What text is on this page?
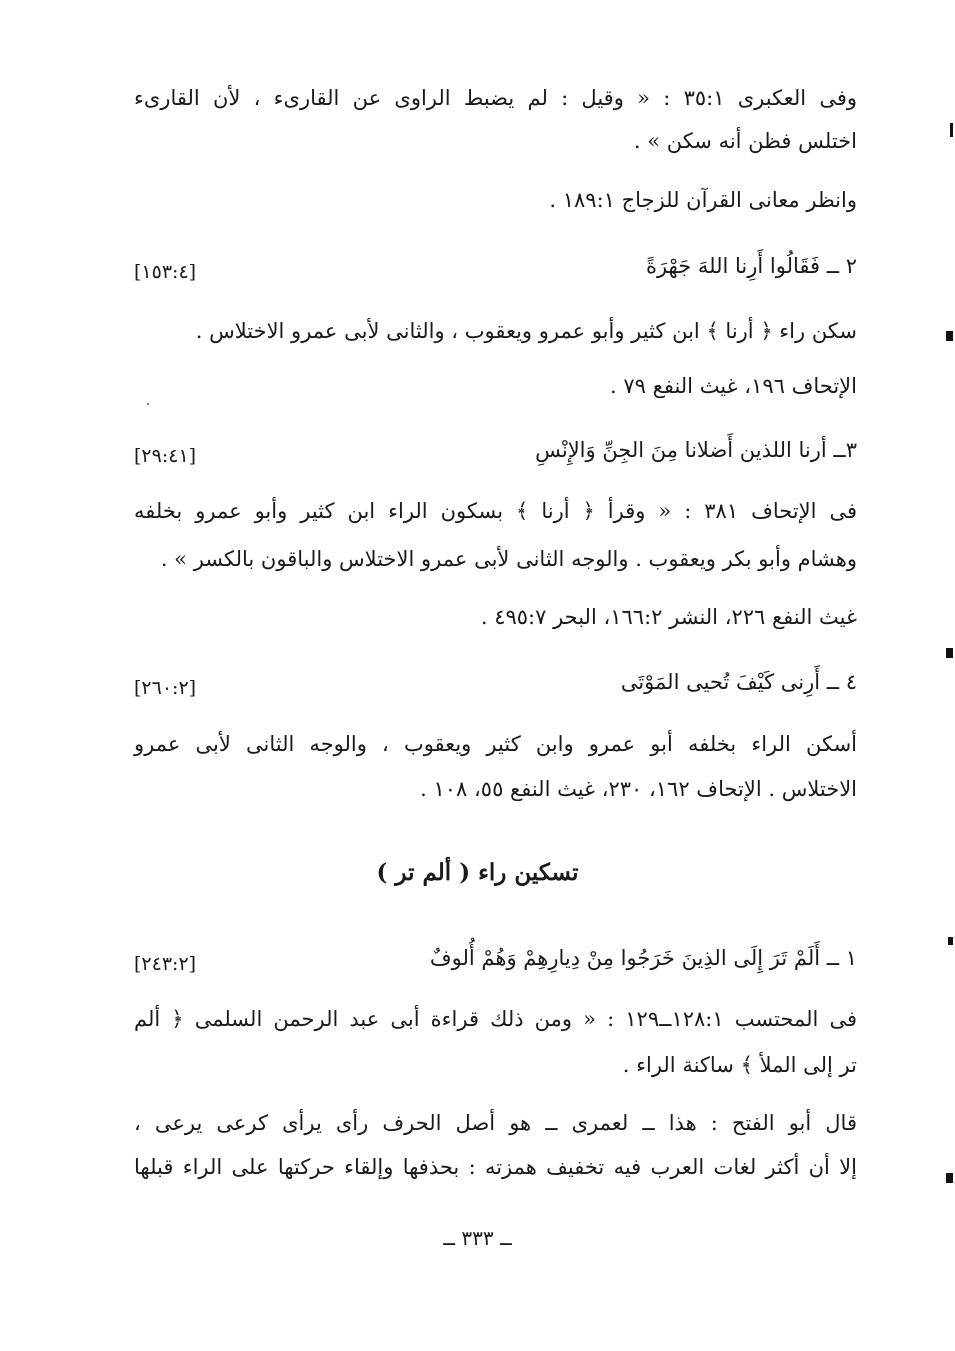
وفى العكبرى ٣٥:١ : « وقيل : لم يضبط الراوى عن القارىء ، لأن القارىء
اختلس فظن أنه سكن » .
وانظر معانى القرآن للزجاج ١٨٩:١ .
٢ ــ فَقَالُوا أَرِنا اللهَ جَهْرَةً
[١٥٣:٤]
سكن راء ﴿ أرنا ﴾ ابن كثير وأبو عمرو ويعقوب ، والثانى لأبى عمرو الاختلاس .
الإتحاف ١٩٦، غيث النفع ٧٩ .
٣ــ أرنا اللذين أَضلانا مِنَ الجِنِّ وَالإِنْسِ
[٢٩:٤١]
فى الإتحاف ٣٨١ : « وقرأ ﴿ أرنا ﴾ بسكون الراء ابن كثير وأبو عمرو بخلفه
وهشام وأبو بكر ويعقوب . والوجه الثانى لأبى عمرو الاختلاس والباقون بالكسر » .
غيث النفع ٢٢٦، النشر ١٦٦:٢، البحر ٤٩٥:٧ .
٤ ــ أَرِنى كَيْفَ تُحيى المَوْتَى
[٢٦٠:٢]
أسكن الراء بخلفه أبو عمرو وابن كثير ويعقوب ، والوجه الثانى لأبى عمرو
الاختلاس . الإتحاف ١٦٢، ٢٣٠، غيث النفع ٥٥، ١٠٨ .
تسكين راء ( ألم تر )
١ ــ أَلَمْ تَرَ إِلَى الذِينَ خَرَجُوا مِنْ دِيارِهِمْ وَهُمْ أُلوفٌ
[٢٤٣:٢]
فى المحتسب ١٢٨:١ــ١٢٩ : « ومن ذلك قراءة أبى عبد الرحمن السلمى ﴿ ألم
تر إلى الملأ ﴾ ساكنة الراء .
قال أبو الفتح : هذا ــ لعمرى ــ هو أصل الحرف رأى يرأى كرعى يرعى ،
إلا أن أكثر لغات العرب فيه تخفيف همزته : بحذفها وإلقاء حركتها على الراء قبلها
ــ ٣٣٣ ــ
